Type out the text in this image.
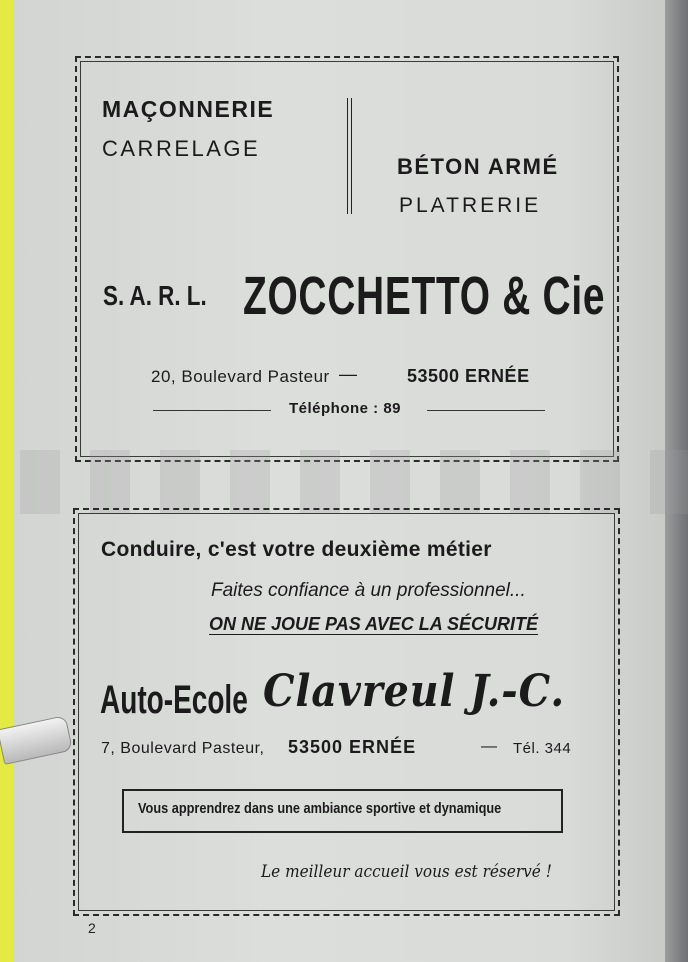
MAÇONNERIE
CARRELAGE
BÉTON ARMÉ
PLATRERIE
S. A. R. L. ZOCCHETTO & Cie
20, Boulevard Pasteur —	53500 ERNÉE
Téléphone : 89
Conduire, c'est votre deuxième métier
Faites confiance à un professionnel...
ON NE JOUE PAS AVEC LA SÉCURITÉ
Auto-Ecole Clavreul J.-C.
7, Boulevard Pasteur, 53500 ERNÉE	— Tél. 344
Vous apprendrez dans une ambiance sportive et dynamique
Le meilleur accueil vous est réservé !
2
